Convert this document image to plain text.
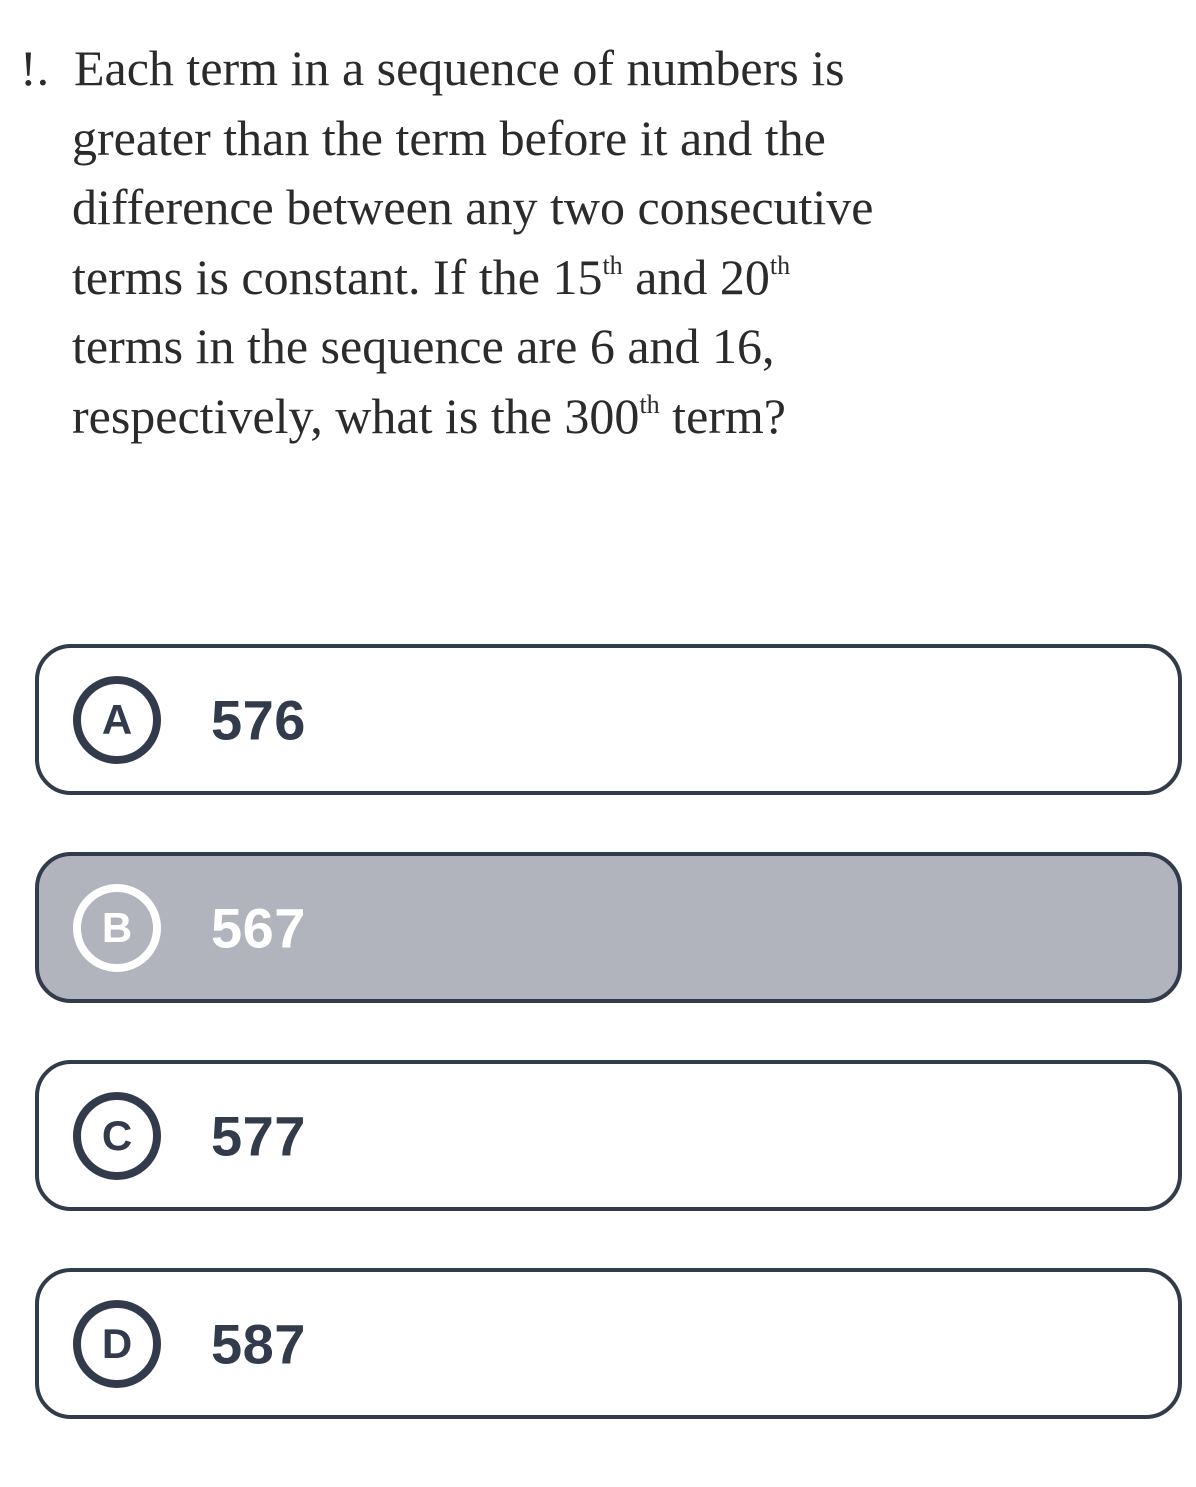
!. Each term in a sequence of numbers is
greater than the term before it and the
difference between any two consecutive
terms is constant. If the 15th and 20th
terms in the sequence are 6 and 16,
respectively, what is the 300th term?
A	576
B	567
C	577
D	587
